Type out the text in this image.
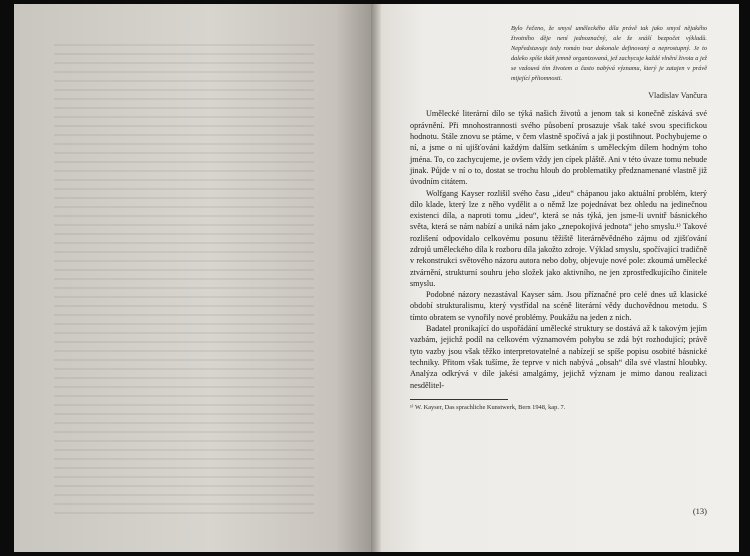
Bylo řečeno, že smysl uměleckého díla právě tak jako smysl nějakého životního děje není jednoznačný, ale že snáší bezpočet výkladů. Nepředstavuje tedy román tvar dokonale definovaný a neprostupný. Je to daleko spíše tkáň jemně organizovaná, jež zachycuje každé vlnění života a jež se vzdouvá tím životem a často nabývá významu, který je zatajen v právě mijející přítomnosti.
Vladislav Vančura

Umělecké literární dílo se týká našich životů a jenom tak si konečně získává své oprávnění. Při mnohostrannosti svého působení prosazuje však také svou specifickou hodnotu. Stále znovu se ptáme, v čem vlastně spočívá a jak ji postihnout. Pochybujeme o ní, a jsme o ní ujišťováni každým dalším setkáním s uměleckým dílem hodným toho jména. To, co zachycujeme, je ovšem vždy jen cípek pláště. Ani v této úvaze tomu nebude jinak. Půjde v ní o to, dostat se trochu hloub do problematiky předznamenané vlastně již úvodním citátem.

Wolfgang Kayser rozlišil svého času „ideu“ chápanou jako aktuální problém, který dílo klade, který lze z něho vydělit a o němž lze pojednávat bez ohledu na jedinečnou existenci díla, a naproti tomu „ideu“, která se nás týká, jen jsme-li uvnitř básnického světa, která se nám nabízí a uniká nám jako „znepokojivá jednota“ jeho smyslu.¹⁾ Takové rozlišení odpovídalo celkovému posunu těžiště literárněvědného zájmu od zjišťování zdrojů uměleckého díla k rozboru díla jakožto zdroje. Výklad smyslu, spočívající tradičně v rekonstrukci světového názoru autora nebo doby, objevuje nové pole: zkoumá umělecké ztvárnění, strukturní souhru jeho složek jako aktivního, ne jen zprostředkujícího činitele smyslu.

Podobné názory nezastával Kayser sám. Jsou příznačné pro celé dnes už klasické období strukturalismu, který vystřídal na scéně literární vědy duchovědnou metodu. S tímto obratem se vynořily nové problémy. Poukážu na jeden z nich.

Badatel pronikající do uspořádání umělecké struktury se dostává až k takovým jejím vazbám, jejichž podíl na celkovém významovém pohybu se zdá být rozhodující; právě tyto vazby jsou však těžko interpretovatelné a nabízejí se spíše popisu osobité básnické techniky. Přitom však tušíme, že teprve v nich nabývá „obsah“ díla své vlastní hloubky. Analýza odkrývá v díle jakési amalgámy, jejichž význam je mimo danou realizaci nesdělitel-

¹⁾ W. Kayser, Das sprachliche Kunstwerk, Bern 1948, kap. 7.
(13)
